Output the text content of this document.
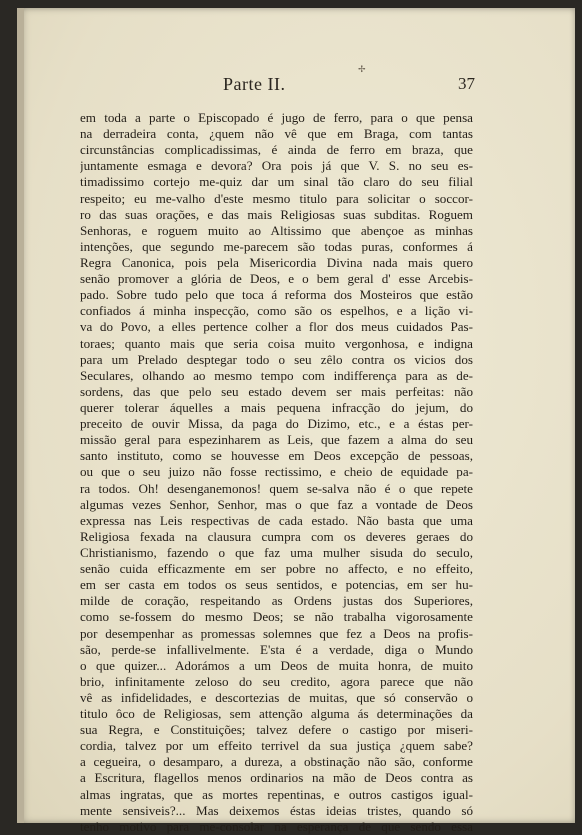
Parte II.
✢
37
em toda a parte o Episcopado é jugo de ferro, para o que pensa
na derradeira conta, ¿quem não vê que em Braga, com tantas
circunstâncias complicadissimas, é ainda de ferro em braza, que
juntamente esmaga e devora? Ora pois já que V. S. no seu es-
timadissimo cortejo me-quiz dar um sinal tão claro do seu filial
respeito; eu me-valho d'este mesmo titulo para solicitar o soccor-
ro das suas orações, e das mais Religiosas suas subditas. Roguem
Senhoras, e roguem muito ao Altissimo que abençoe as minhas
intenções, que segundo me-parecem são todas puras, conformes á
Regra Canonica, pois pela Misericordia Divina nada mais quero
senão promover a glória de Deos, e o bem geral d' esse Arcebis-
pado. Sobre tudo pelo que toca á reforma dos Mosteiros que estão
confiados á minha inspecção, como são os espelhos, e a lição vi-
va do Povo, a elles pertence colher a flor dos meus cuidados Pas-
torаes; quanto mais que seria coisa muito vergonhosa, e indigna
para um Prelado desptegar todo o seu zêlo contra os vicios dos
Seculares, olhando ao mesmo tempo com indifferença para as de-
sordens, das que pelo seu estado devem ser mais perfeitas: não
querer tolerar áquelles a mais pequena infracção do jejum, do
preceito de ouvir Missa, da paga do Dizimo, etc., e a éstas per-
missão geral para espezinharem as Leis, que fazem a alma do seu
santo instituto, como se houvesse em Deos excepção de pessoas,
ou que o seu juizo não fosse rectissimo, e cheio de equidade pa-
ra todos. Oh! desenganemonos! quem se-salva não é o que repete
algumas vezes Senhor, Senhor, mas o que faz a vontade de Deos
expressa nas Leis respectivas de cada estado. Não basta que uma
Religiosa fexada na clausura cumpra com os deveres geraes do
Christianismo, fazendo o que faz uma mulher sisuda do seculo,
senão cuida efficazmente em ser pobre no affecto, e no effeito,
em ser casta em todos os seus sentidos, e potencias, em ser hu-
milde de coração, respeitando as Ordens justas dos Superiores,
como se-fossem do mesmo Deos; se não trabalha vigorosamente
por desempenhar as promessas solemnes que fez a Deos na profis-
são, perde-se infallivelmente. E'sta é a verdade, diga o Mundo
o que quizer... Adorámos a um Deos de muita honra, de muito
brio, infinitamente zeloso do seu credito, agora parece que não
vê as infidelidades, e descortezias de muitas, que só conservão o
titulo ôco de Religiosas, sem attenção alguma ás determinações da
sua Regra, e Constituições; talvez defere o castigo por miseri-
cordia, talvez por um effeito terrivel da sua justiça ¿quem sabe?
a cegueira, o desamparo, a dureza, a obstinação não são, conforme
a Escritura, flagellos menos ordinarios na mão de Deos contra as
almas ingratas, que as mortes repentinas, e outros castigos igual-
mente sensiveis?... Mas deixemos éstas ideias tristes, quando só
tenho motivo para me-consolar na esperança de que sendo essa
